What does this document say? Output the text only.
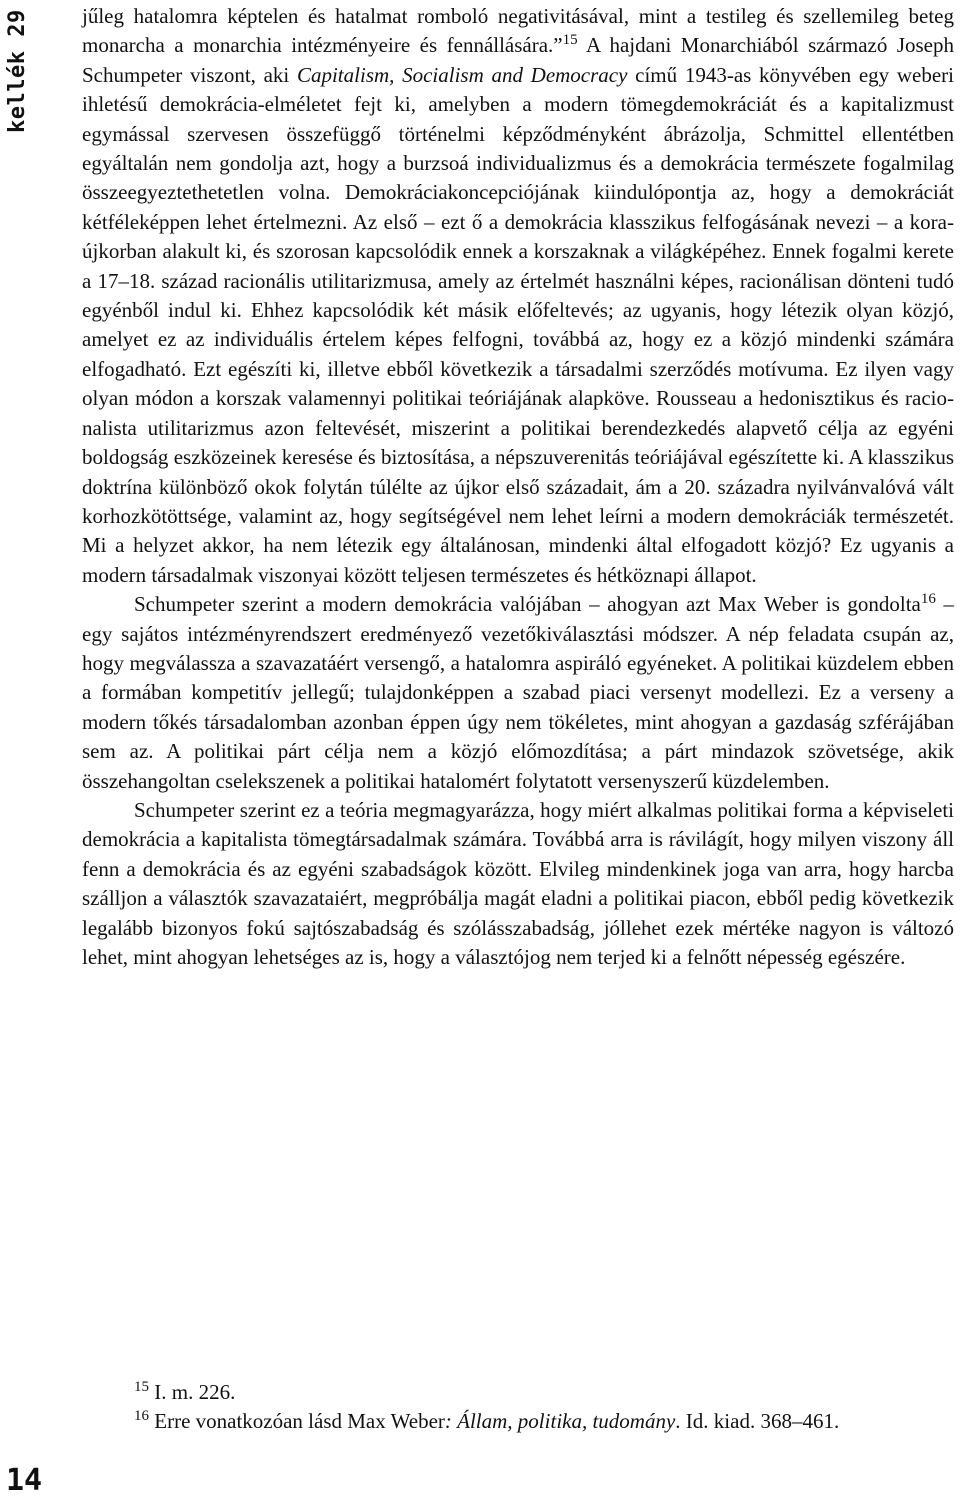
kellék 29 jűleg hatalomra képtelen és hatalmat romboló negativitásával, mint a testileg és szellemileg beteg monarcha a monarchia intézményeire és fennállására.”$^{15}$ A hajdani Monarchiából származó Joseph Schumpeter viszont, aki Capitalism, Socialism and Democracy című 1943-as könyvében egy weberi ihletésű demokrácia-elméletet fejt ki, amelyben a modern tömegdemokráciát és a kapitalizmust egymással szervesen összefüggő történelmi képződményként ábrázolja, Schmittel ellentétben egyáltalán nem gondolja azt, hogy a burzsoá individualizmus és a demokrácia természete fogalmilag összeegyeztethetetlen volna. Demokráciakoncepciójának kiindulópontja az, hogy a demokráciát kétféleképpen lehet értelmezni. Az első – ezt ő a demokrácia klasszikus felfogásának nevezi – a kora-újkorban alakult ki, és szorosan kapcsolódik ennek a korszaknak a világképéhez. Ennek fogalmi kerete a 17–18. század racionális utilitarizmusa, amely az értelmét használni képes, racionálisan dönteni tudó egyénből indul ki. Ehhez kapcsolódik két másik előfeltevés; az ugyanis, hogy létezik olyan közjó, amelyet ez az individuális értelem képes felfogni, továbbá az, hogy ez a közjó mindenki számára elfogadható. Ezt egészíti ki, illetve ebből következik a társadalmi szerződés motívuma. Ez ilyen vagy olyan módon a korszak valamennyi politikai teóriájának alapköve. Rousseau a hedonisztikus és racionalista utilitarizmus azon feltevését, miszerint a politikai berendezkedés alapvető célja az egyéni boldogság eszközeinek keresése és biztosítása, a népszuverenitás teóriájával egészítette ki. A klasszikus doktrína különböző okok folytán túlélte az újkor első századait, ám a 20. századra nyilvánvalóvá vált korhozkötöttsége, valamint az, hogy segítségével nem lehet leírni a modern demokráciák természetét. Mi a helyzet akkor, ha nem létezik egy általánosan, mindenki által elfogadott közjó? Ez ugyanis a modern társadalmak viszonyai között teljesen természetes és hétköznapi állapot.

Schumpeter szerint a modern demokrácia valójában – ahogyan azt Max Weber is gondolta$^{16}$ – egy sajátos intézményrendszert eredményező vezetőkiválasztási módszer. A nép feladata csupán az, hogy megválassza a szavazatáért versengő, a hatalomra aspiráló egyéneket. A politikai küzdelem ebben a formában kompetitív jellegű; tulajdonképpen a szabad piaci versenyt modellezi. Ez a verseny a modern tőkés társadalomban azonban éppen úgy nem tökéletes, mint ahogyan a gazdaság szférájában sem az. A politikai párt célja nem a közjó előmozdítása; a párt mindazok szövetsége, akik összehangoltan cselekszenek a politikai hatalomért folytatott versenyszerű küzdelemben.

Schumpeter szerint ez a teória megmagyarázza, hogy miért alkalmas politikai forma a képviseleti demokrácia a kapitalista tömegtársadalmak számára. Továbbá arra is rávilágít, hogy milyen viszony áll fenn a demokrácia és az egyéni szabadságok között. Elvileg mindenkinek joga van arra, hogy harcba szálljon a választók szavazataiért, megpróbálja magát eladni a politikai piacon, ebből pedig következik legalább bizonyos fokú sajtószabadság és szólásszabadság, jóllehet ezek mértéke nagyon is változó lehet, mint ahogyan lehetséges az is, hogy a választójog nem terjed ki a felnőtt népesség egészére.

$^{15}$ I. m. 226.

$^{16}$ Erre vonatkozóan lásd Max Weber: Állam, politika, tudomány. Id. kiad. 368–461.

14
